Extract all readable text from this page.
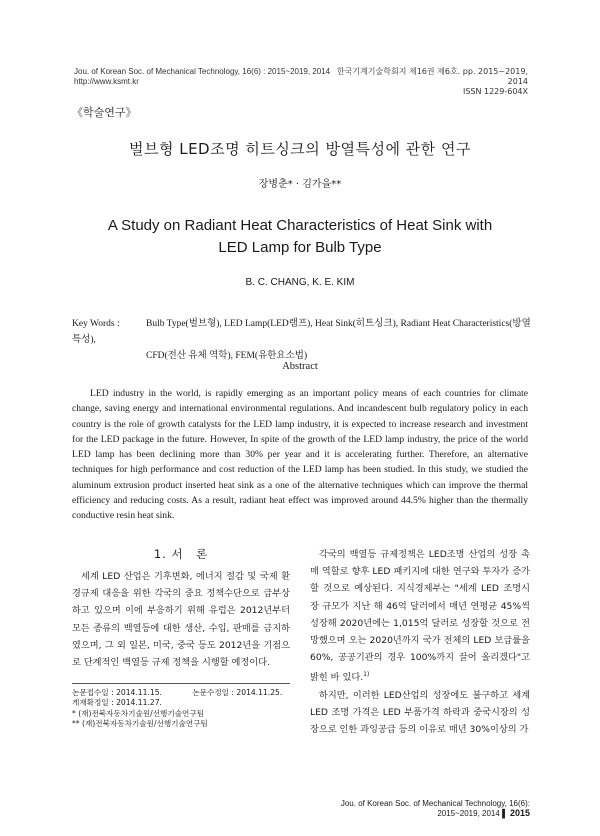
Jou. of Korean Soc. of Mechanical Technology, 16(6) : 2015~2019, 2014
http://www.ksmt.kr
한국기계기술학회지 제16권 제6호. pp. 2015~2019, 2014
ISSN 1229-604X
《학술연구》
벌브형 LED조명 히트싱크의 방열특성에 관한 연구
장병춘* · 김가을**
A Study on Radiant Heat Characteristics of Heat Sink with
LED Lamp for Bulb Type
B. C. CHANG, K. E. KIM
Key Words :	Bulb Type(벌브형), LED Lamp(LED램프), Heat Sink(히트싱크), Radiant Heat Characteristics(방열특성),
CFD(전산 유체 역학), FEM(유한요소법)
Abstract
LED industry in the world, is rapidly emerging as an important policy means of each countries for climate change, saving energy and international environmental regulations. And incandescent bulb regulatory policy in each country is the role of growth catalysts for the LED lamp industry, it is expected to increase research and investment for the LED package in the future. However, In spite of the growth of the LED lamp industry, the price of the world LED lamp has been declining more than 30% per year and it is accelerating further. Therefore, an alternative techniques for high performance and cost reduction of the LED lamp has been studied. In this study, we studied the aluminum extrusion product inserted heat sink as a one of the alternative techniques which can improve the thermal efficiency and reducing costs. As a result, radiant heat effect was improved around 44.5% higher than the thermally conductive resin heat sink.
1. 서　론
세계 LED 산업은 기후변화, 에너지 절감 및 국제 환경규제 대응을 위한 각국의 중요 정책수단으로 급부상하고 있으며 이에 부응하기 위해 유럽은 2012년부터 모든 종류의 백열등에 대한 생산, 수입, 판매를 금지하였으며, 그 외 일본, 미국, 중국 등도 2012년을 기점으로 단계적인 백열등 규제 정책을 시행할 예정이다.

각국의 백열등 규제정책은 LED조명 산업의 성장 촉매 역할로 향후 LED 패키지에 대한 연구와 투자가 증가할 것으로 예상된다. 지식경제부는 "세계 LED 조명시장 규모가 지난 해 46억 달러에서 매년 연평균 45%씩 성장해 2020년에는 1,015억 달러로 성장할 것으로 전망했으며 오는 2020년까지 국가 전체의 LED 보급률을 60%, 공공기관의 경우 100%까지 끌어 올리겠다"고 밝힌 바 있다.$^{1)}$

하지만, 이러한 LED산업의 성장에도 불구하고 세계 LED 조명 가격은 LED 부품가격 하락과 중국시장의 성장으로 인한 과잉공급 등의 이유로 매년 30%이상의 가

논문접수일 : 2014.11.15.　　　　	논문수정일 : 2014.11.25.
게재확정일 : 2014.11.27.
* (재)전북자동차기술원/선행기술연구팀
** (재)전북자동차기술원/선행기술연구팀
Jou. of Korean Soc. of Mechanical Technology, 16(6): 2015~2019, 2014 ▌ 2015
